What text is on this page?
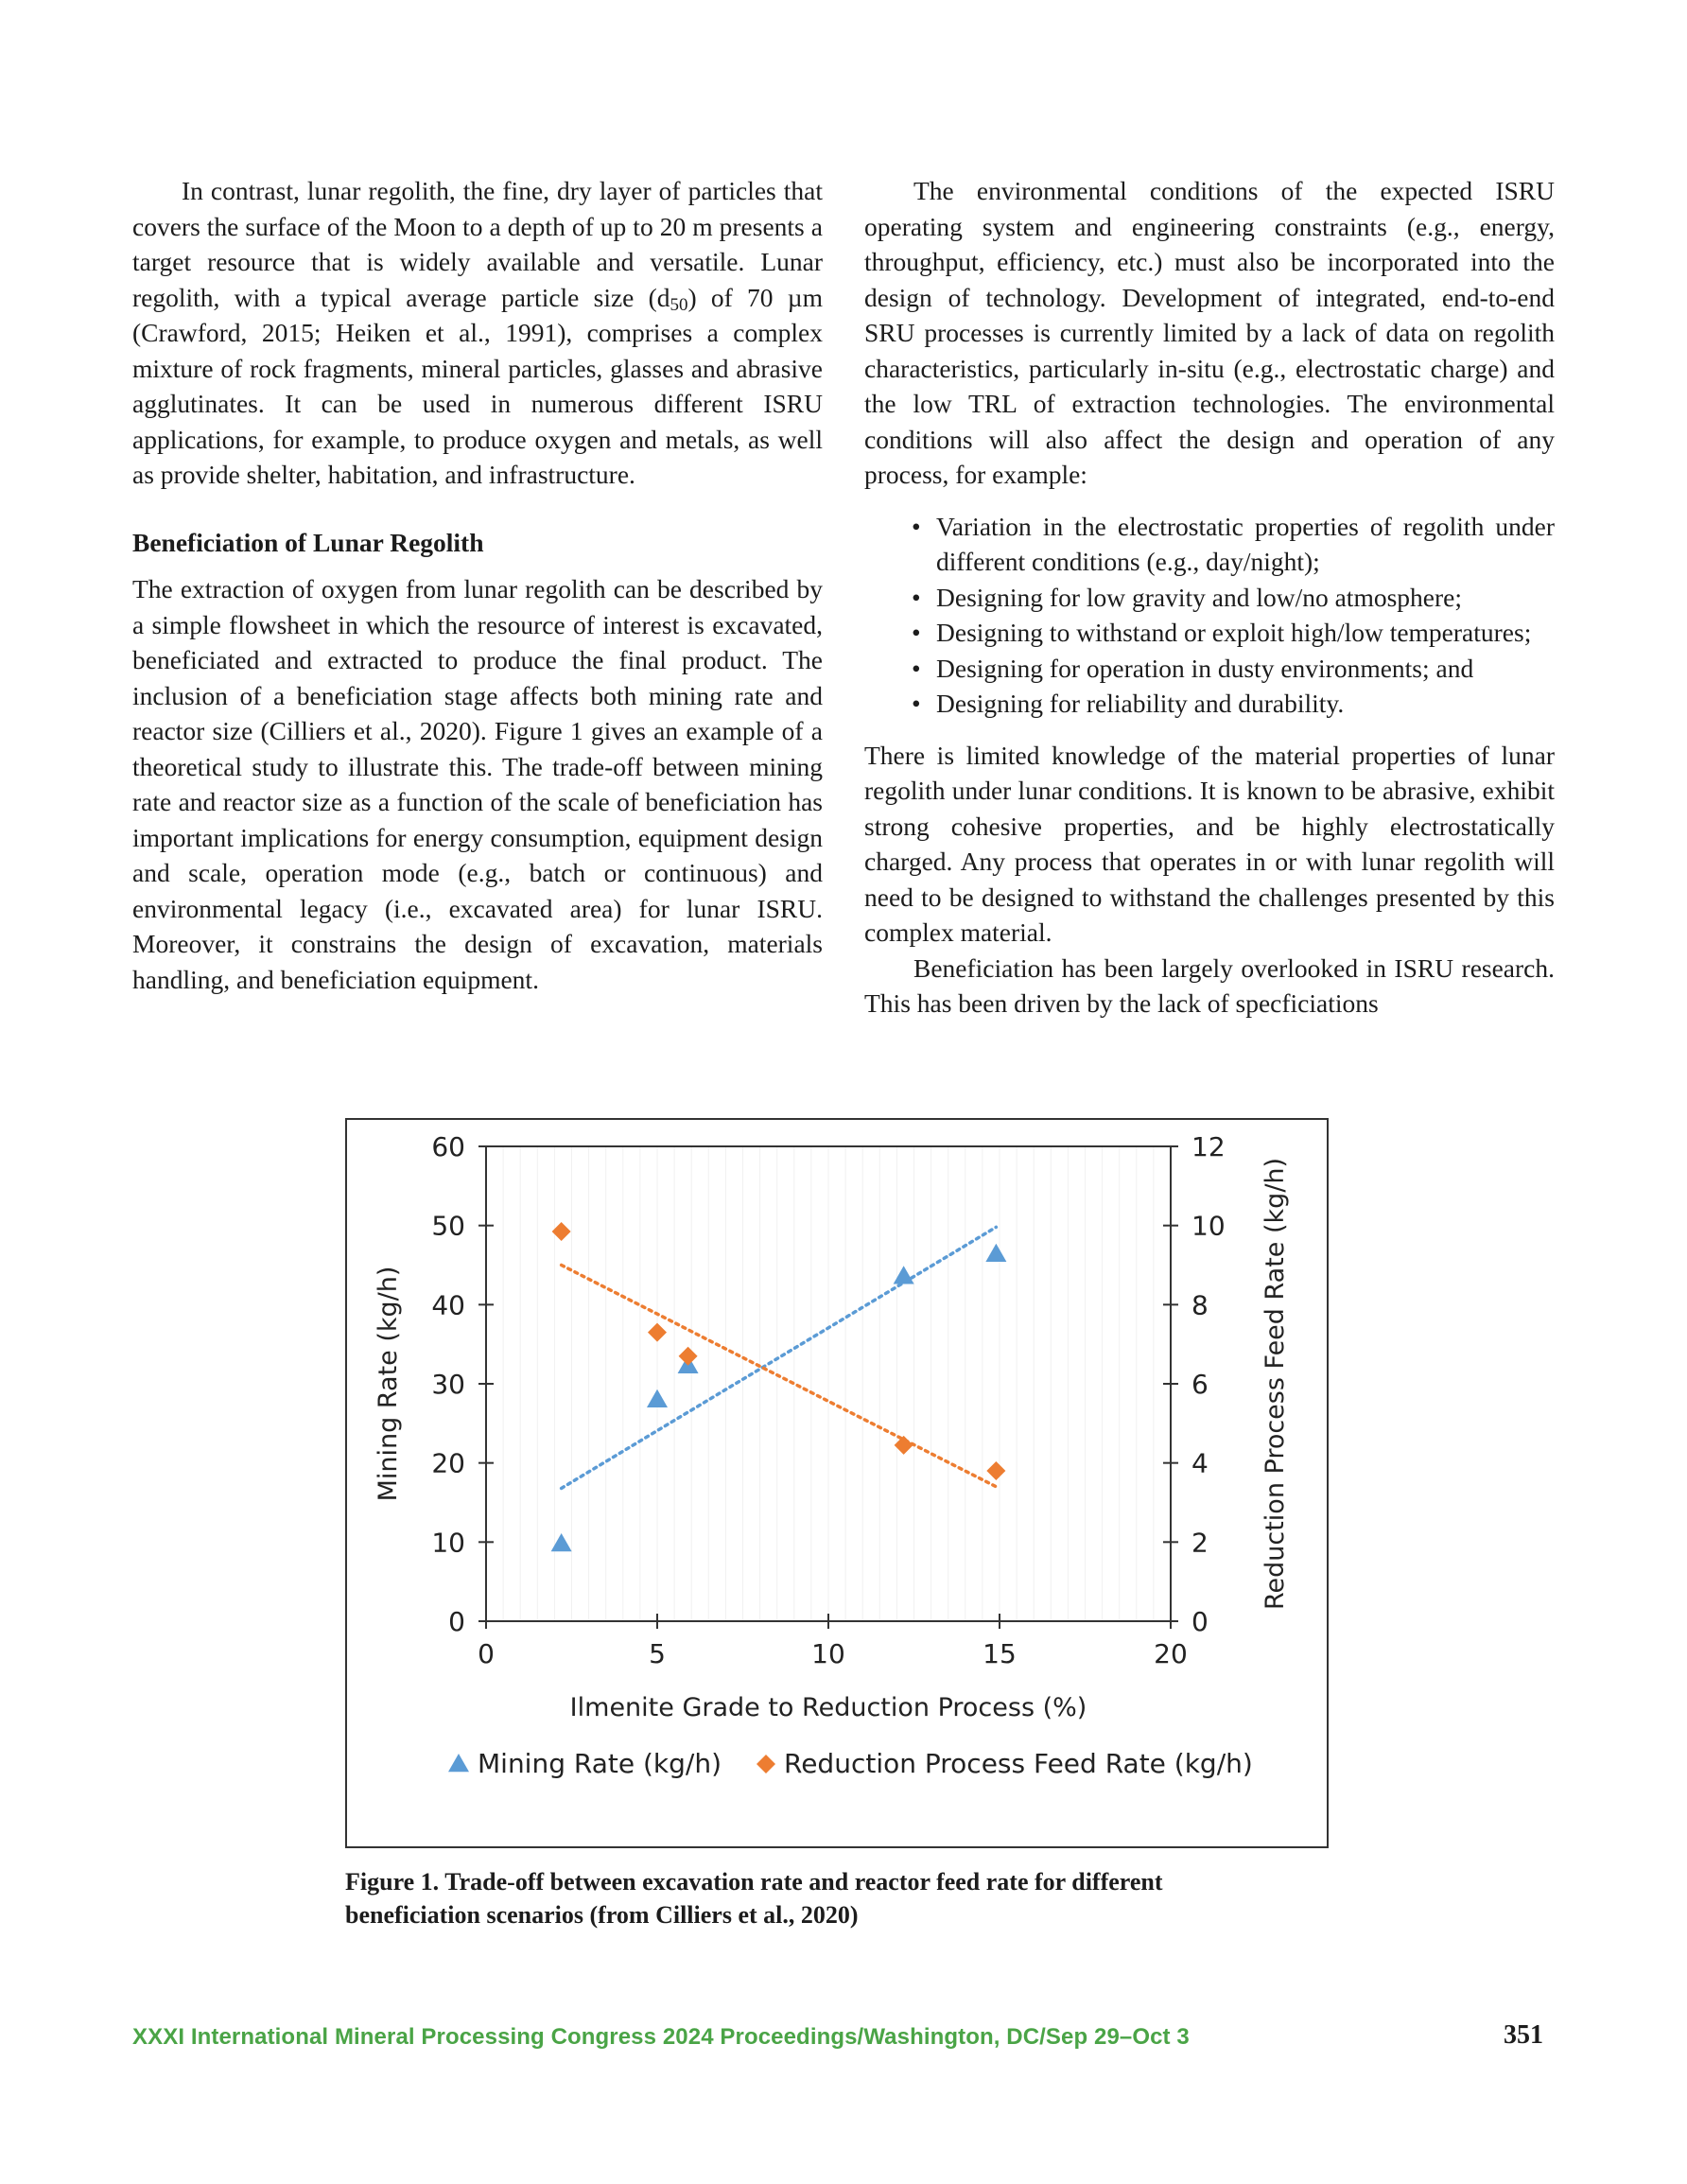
In contrast, lunar regolith, the fine, dry layer of particles that covers the surface of the Moon to a depth of up to 20 m presents a target resource that is widely available and versatile. Lunar regolith, with a typical average particle size $(d_{50})$ of 70 µm (Crawford, 2015; Heiken et al., 1991), comprises a complex mixture of rock fragments, mineral particles, glasses and abrasive agglutinates. It can be used in numerous different ISRU applications, for example, to produce oxygen and metals, as well as provide shelter, habitation, and infrastructure.

Beneficiation of Lunar Regolith

The extraction of oxygen from lunar regolith can be described by a simple flowsheet in which the resource of interest is excavated, beneficiated and extracted to produce the final product. The inclusion of a beneficiation stage affects both mining rate and reactor size (Cilliers et al., 2020). Figure 1 gives an example of a theoretical study to illustrate this. The trade-off between mining rate and reactor size as a function of the scale of beneficiation has important implications for energy consumption, equipment design and scale, operation mode (e.g., batch or continuous) and environmental legacy (i.e., excavated area) for lunar ISRU. Moreover, it constrains the design of excavation, materials handling, and beneficiation equipment.

The environmental conditions of the expected ISRU operating system and engineering constraints (e.g., energy, throughput, efficiency, etc.) must also be incorporated into the design of technology. Development of integrated, end-to-end SRU processes is currently limited by a lack of data on regolith characteristics, particularly in-situ (e.g., electrostatic charge) and the low TRL of extraction technologies. The environmental conditions will also affect the design and operation of any process, for example:

• Variation in the electrostatic properties of regolith under different conditions (e.g., day/night);
• Designing for low gravity and low/no atmosphere;
• Designing to withstand or exploit high/low temperatures;
• Designing for operation in dusty environments; and
• Designing for reliability and durability.

There is limited knowledge of the material properties of lunar regolith under lunar conditions. It is known to be abrasive, exhibit strong cohesive properties, and be highly electrostatically charged. Any process that operates in or with lunar regolith will need to be designed to withstand the challenges presented by this complex material.

Beneficiation has been largely overlooked in ISRU research. This has been driven by the lack of specficiations

0
10
20
30
40
50
60
0
2
4
6
8
10
12
0	5	10	15	20
Ilmenite Grade to Reduction Process (%)
Mining Rate (kg/h)	Reduction Process Feed Rate (kg/h)
Mining Rate (kg/h) Reduction Process Feed Rate (kg/h)
Figure 1. Trade-off between excavation rate and reactor feed rate for different
beneficiation scenarios (from Cilliers et al., 2020)
XXXI International Mineral Processing Congress 2024 Proceedings/Washington, DC/Sep 29–Oct 3	351
